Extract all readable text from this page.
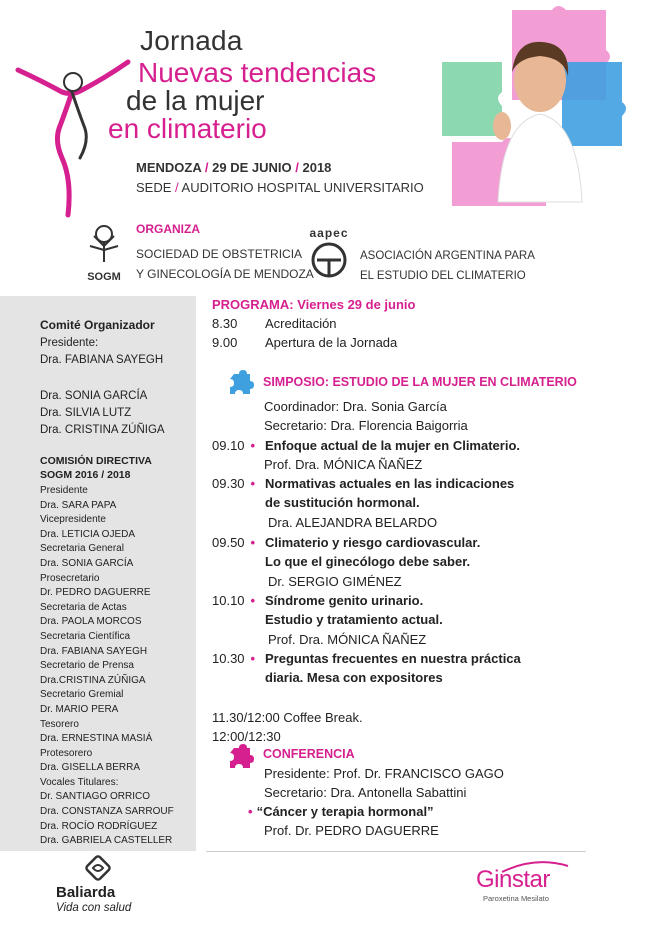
Jornada
Nuevas tendencias
de la mujer
en climaterio
MENDOZA / 29 DE JUNIO / 2018
SEDE / AUDITORIO HOSPITAL UNIVERSITARIO
ORGANIZA
SOGM
SOCIEDAD DE OBSTETRICIA
Y GINECOLOGÍA DE MENDOZA
aapec
ASOCIACIÓN ARGENTINA PARA
EL ESTUDIO DEL CLIMATERIO
Comité Organizador
Presidente:
Dra. FABIANA SAYEGH
Dra. SONIA GARCÍA
Dra. SILVIA LUTZ
Dra. CRISTINA ZÚÑIGA
COMISIÓN DIRECTIVA
SOGM 2016 / 2018
Presidente
Dra. SARA PAPA
Vicepresidente
Dra. LETICIA OJEDA
Secretaria General
Dra. SONIA GARCÍA
Prosecretario
Dr. PEDRO DAGUERRE
Secretaria de Actas
Dra. PAOLA MORCOS
Secretaria Científica
Dra. FABIANA SAYEGH
Secretario de Prensa
Dra.CRISTINA ZÚÑIGA
Secretario Gremial
Dr. MARIO PERA
Tesorero
Dra. ERNESTINA MASIÁ
Protesorero
Dra. GISELLA BERRA
Vocales Titulares:
Dr. SANTIAGO ORRICO
Dra. CONSTANZA SARROUF
Dra. ROCÍO RODRÍGUEZ
Dra. GABRIELA CASTELLER
PROGRAMA: Viernes 29 de junio
8.30 Acreditación
9.00 Apertura de la Jornada
SIMPOSIO: ESTUDIO DE LA MUJER EN CLIMATERIO
Coordinador: Dra. Sonia García
Secretario: Dra. Florencia Baigorria
09.10 • Enfoque actual de la mujer en Climaterio.
Prof. Dra. MÓNICA ÑAÑEZ
09.30 • Normativas actuales en las indicaciones
de sustitución hormonal.
Dra. ALEJANDRA BELARDO
09.50 • Climaterio y riesgo cardiovascular.
Lo que el ginecólogo debe saber.
Dr. SERGIO GIMÉNEZ
10.10 • Síndrome genito urinario.
Estudio y tratamiento actual.
Prof. Dra. MÓNICA ÑAÑEZ
10.30 • Preguntas frecuentes en nuestra práctica
diaria. Mesa con expositores
11.30/12:00 Coffee Break.
12:00/12:30
CONFERENCIA
Presidente: Prof. Dr. FRANCISCO GAGO
Secretario: Dra. Antonella Sabattini
• “Cáncer y terapia hormonal”
Prof. Dr. PEDRO DAGUERRE
Baliarda
Vida con salud
Ginstar
Paroxetina Mesilato
